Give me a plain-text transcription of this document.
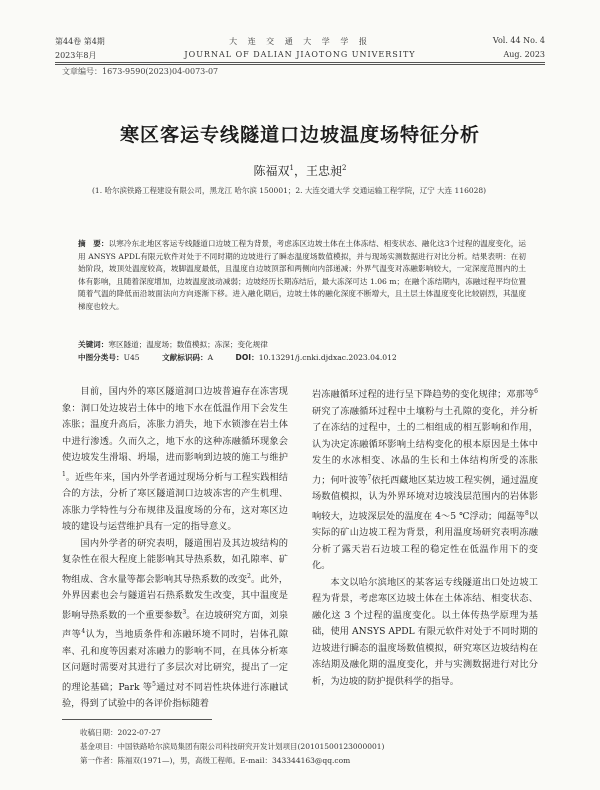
第44卷 第4期	大 连 交 通 大 学 学 报	Vol. 44 No. 4
2023年8月	JOURNAL OF DALIAN JIAOTONG UNIVERSITY	Aug. 2023
文章编号：1673-9590(2023)04-0073-07
寒区客运专线隧道口边坡温度场特征分析
陈福双$^1$，王忠昶$^2$
(1. 哈尔滨铁路工程建设有限公司，黑龙江 哈尔滨 150001；2. 大连交通大学 交通运输工程学院，辽宁 大连 116028)
摘　要：以寒冷东北地区客运专线隧道口边坡工程为背景，考虑冻区边坡土体在土体冻结、相变状态、融化这3个过程的温度变化，运用 ANSYS APDL有限元软件对处于不同时期的边坡进行了瞬态温度场数值模拟，并与现场实测数据进行对比分析。结果表明：在初始阶段，坡顶处温度较高，坡脚温度最低，且温度自边坡顶部和两侧向内部递减；外界气温变对冻融影响较大，一定深度范围内的土体有影响，且随着深度增加，边坡温度波动减弱；边坡经历长期冻结后，最大冻深可达 1.06 m；在融个冻结期内，冻融过程平均位置随着气温的降低而沿坡面法向方向逐渐下移。进入融化期后，边坡土体的融化深度不断增大，且土层土体温度变化比较剧烈，其温度梯度也较大。
关键词：寒区隧道；温度场；数值模拟；冻深；变化规律
中图分类号：U45	文献标识码：A	DOI：10.13291/j.cnki.djdxac.2023.04.012

目前，国内外的寒区隧道洞口边坡普遍存在冻害现象：洞口处边坡岩土体中的地下水在低温作用下会发生冻胀；温度升高后，冻胀力消失，地下水锁渗在岩土体中进行渗透。久而久之，地下水的这种冻融循环现象会使边坡发生滑塌、坍塌，进而影响到边坡的施工与维护$^1$。近些年来，国内外学者通过现场分析与工程实践相结合的方法，分析了寒区隧道洞口边坡冻害的产生机理、冻胀力学特性与分布规律及温度场的分布，这对寒区边坡的建设与运营维护具有一定的指导意义。

国内外学者的研究表明，隧道围岩及其边坡结构的复杂性在很大程度上能影响其导热系数，如孔隙率、矿物组成、含水量等都会影响其导热系数的改变$^2$。此外，外界因素也会与隧道岩石热系数发生改变，其中温度是影响导热系数的一个重要参数$^3$。在边坡研究方面，刘泉声等$^4$认为，当地质条件和冻融环境不同时，岩体孔隙率、孔和度等因素对冻融力的影响不同，在具体分析寒区问题时需要对其进行了多层次对比研究，提出了一定的理论基础；Park 等$^5$通过对不同岩性块体进行冻融试验，得到了试验中的各评价指标随着

岩冻融循环过程的进行呈下降趋势的变化规律；邓那等$^6$研究了冻融循环过程中土壤粉与土孔隙的变化，并分析了在冻结的过程中，土的二相组成的相互影响和作用，认为决定冻融循环影响土结构变化的根本原因是土体中发生的水冰相变、冰晶的生长和土体结构所受的冻胀力；何叶波等$^7$依托西藏地区某边坡工程实例，通过温度场数值模拟，认为外界环境对边坡浅层范围内的岩体影响较大，边坡深层处的温度在 4～5 ℃浮动；闻磊等$^8$以实际的矿山边坡工程为背景，利用温度场研究表明冻融分析了露天岩石边坡工程的稳定性在低温作用下的变化。

本文以哈尔滨地区的某客运专线隧道出口处边坡工程为背景，考虑寒区边坡土体在土体冻结、相变状态、融化这 3 个过程的温度变化。以土体传热学原理为基础，使用 ANSYS APDL 有限元软件对处于不同时期的边坡进行瞬态的温度场数值模拟，研究寒区边坡结构在冻结期及融化期的温度变化，并与实测数据进行对比分析，为边坡的防护提供科学的指导。

收稿日期：2022-07-27
基金项目：中国铁路哈尔滨局集团有限公司科技研究开发计划项目(20101500123000001)
第一作者：陈福双(1971—)，男，高级工程师。E-mail：343344163@qq.com
